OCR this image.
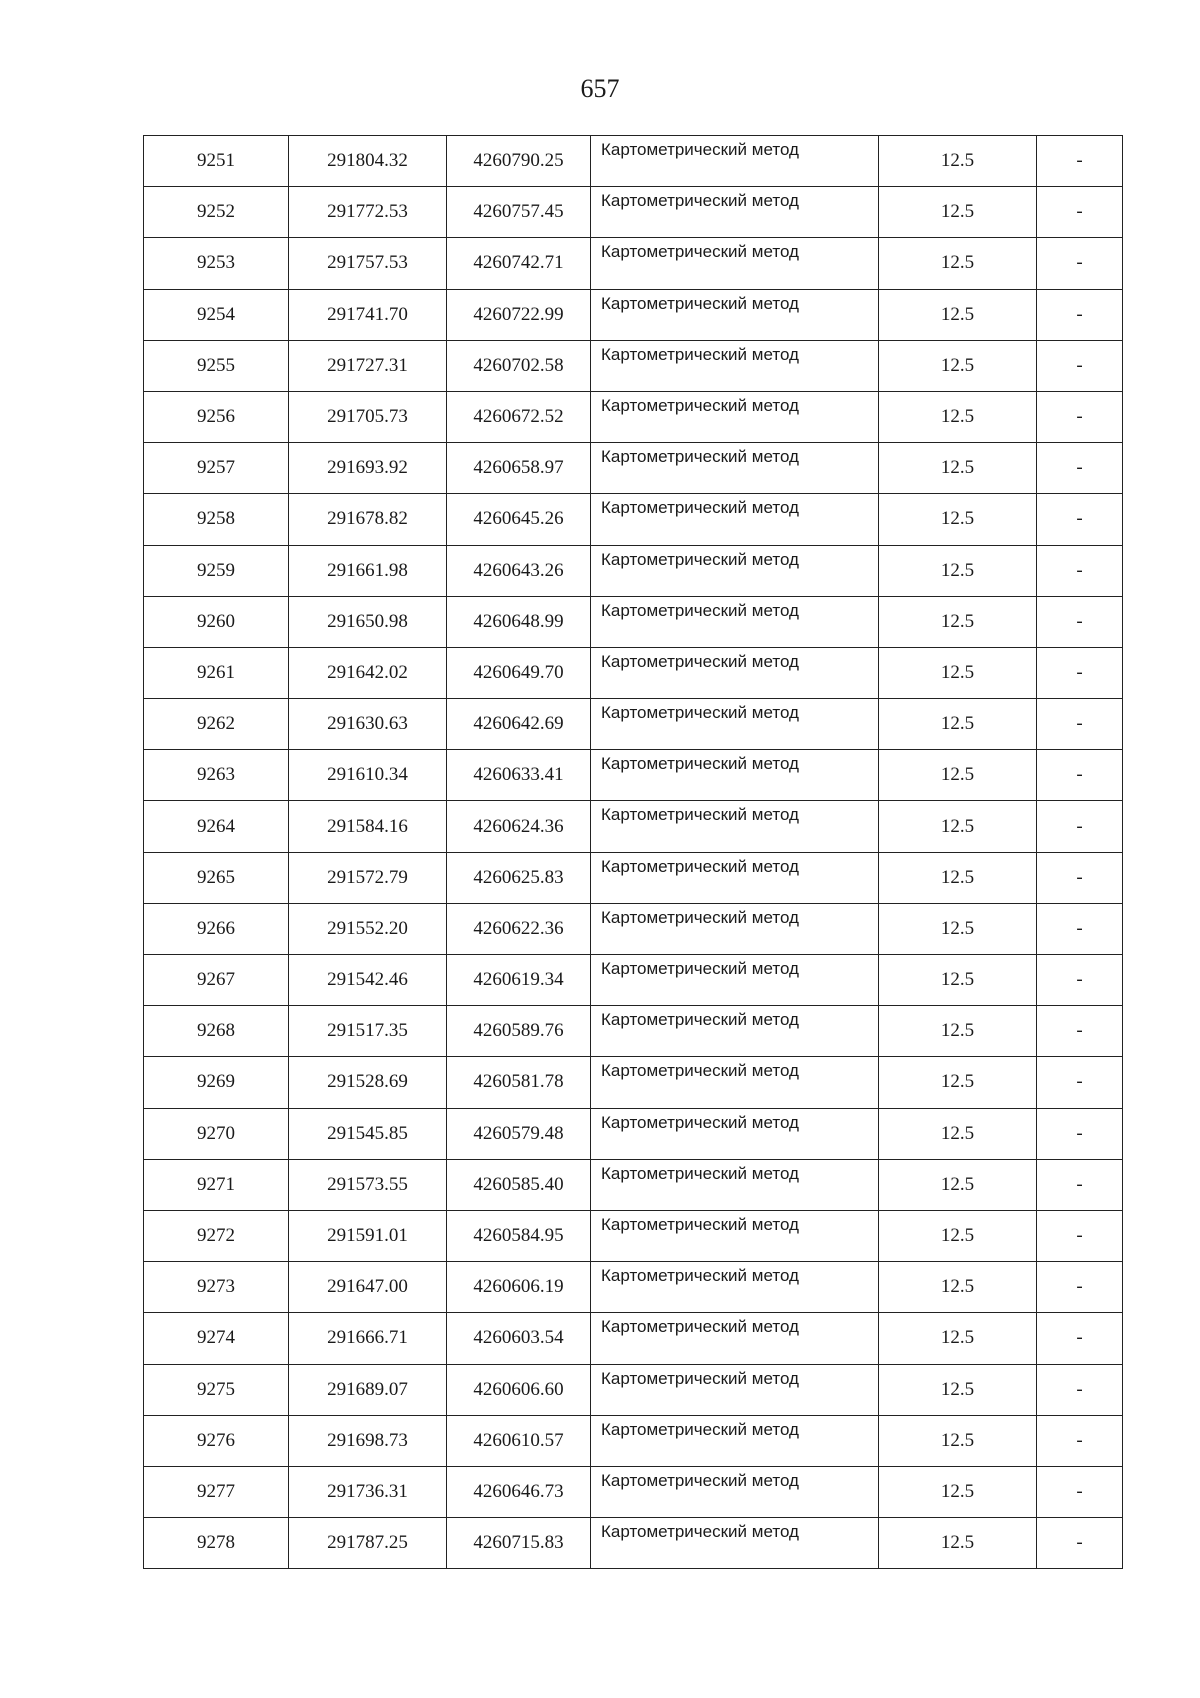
657
9251	291804.32	4260790.25	Картометрический метод	12.5	-
9252	291772.53	4260757.45	Картометрический метод	12.5	-
9253	291757.53	4260742.71	Картометрический метод	12.5	-
9254	291741.70	4260722.99	Картометрический метод	12.5	-
9255	291727.31	4260702.58	Картометрический метод	12.5	-
9256	291705.73	4260672.52	Картометрический метод	12.5	-
9257	291693.92	4260658.97	Картометрический метод	12.5	-
9258	291678.82	4260645.26	Картометрический метод	12.5	-
9259	291661.98	4260643.26	Картометрический метод	12.5	-
9260	291650.98	4260648.99	Картометрический метод	12.5	-
9261	291642.02	4260649.70	Картометрический метод	12.5	-
9262	291630.63	4260642.69	Картометрический метод	12.5	-
9263	291610.34	4260633.41	Картометрический метод	12.5	-
9264	291584.16	4260624.36	Картометрический метод	12.5	-
9265	291572.79	4260625.83	Картометрический метод	12.5	-
9266	291552.20	4260622.36	Картометрический метод	12.5	-
9267	291542.46	4260619.34	Картометрический метод	12.5	-
9268	291517.35	4260589.76	Картометрический метод	12.5	-
9269	291528.69	4260581.78	Картометрический метод	12.5	-
9270	291545.85	4260579.48	Картометрический метод	12.5	-
9271	291573.55	4260585.40	Картометрический метод	12.5	-
9272	291591.01	4260584.95	Картометрический метод	12.5	-
9273	291647.00	4260606.19	Картометрический метод	12.5	-
9274	291666.71	4260603.54	Картометрический метод	12.5	-
9275	291689.07	4260606.60	Картометрический метод	12.5	-
9276	291698.73	4260610.57	Картометрический метод	12.5	-
9277	291736.31	4260646.73	Картометрический метод	12.5	-
9278	291787.25	4260715.83	Картометрический метод	12.5	-
